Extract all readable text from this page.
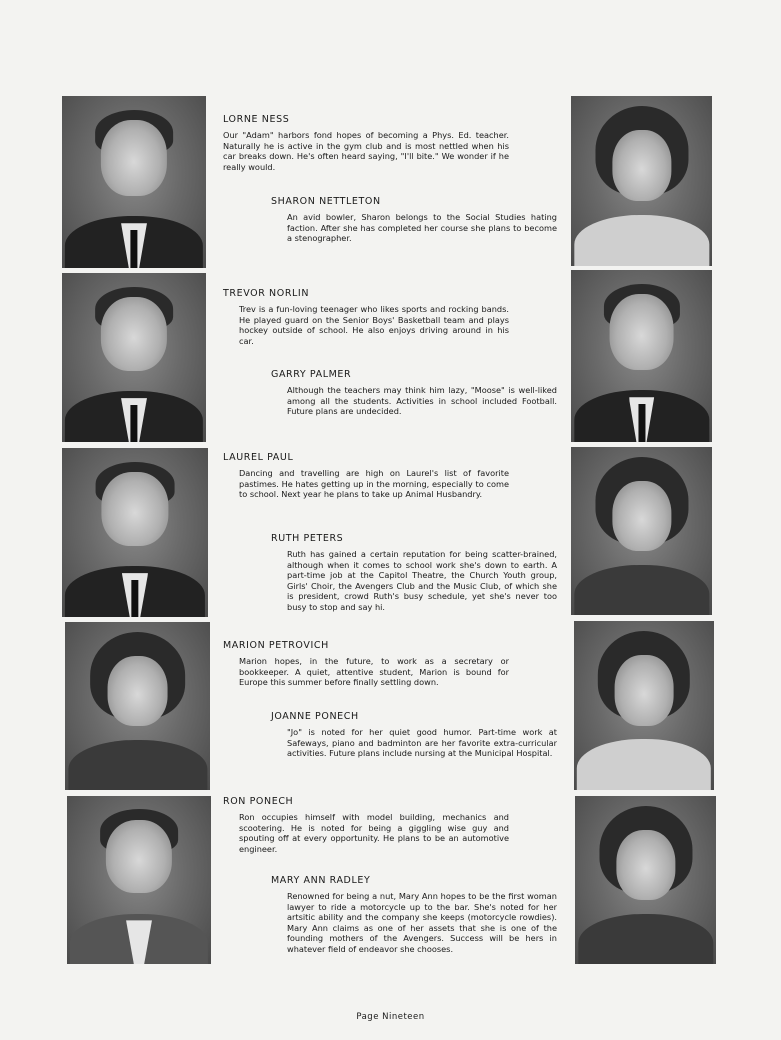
LORNE NESS

Our "Adam" harbors fond hopes of becoming a Phys. Ed. teacher. Naturally he is active in the gym club and is most nettled when his car breaks down. He's often heard saying, "I'll bite." We wonder if he really would.

SHARON NETTLETON

An avid bowler, Sharon belongs to the Social Studies hating faction. After she has completed her course she plans to become a stenographer.

TREVOR NORLIN

Trev is a fun-loving teenager who likes sports and rocking bands. He played guard on the Senior Boys' Basketball team and plays hockey outside of school. He also enjoys driving around in his car.

GARRY PALMER

Although the teachers may think him lazy, "Moose" is well-liked among all the students. Activities in school included Football. Future plans are undecided.

LAUREL PAUL

Dancing and travelling are high on Laurel's list of favorite pastimes. He hates getting up in the morning, especially to come to school. Next year he plans to take up Animal Husbandry.

RUTH PETERS

Ruth has gained a certain reputation for being scatter-brained, although when it comes to school work she's down to earth. A part-time job at the Capitol Theatre, the Church Youth group, Girls' Choir, the Avengers Club and the Music Club, of which she is president, crowd Ruth's busy schedule, yet she's never too busy to stop and say hi.

MARION PETROVICH

Marion hopes, in the future, to work as a secretary or bookkeeper. A quiet, attentive student, Marion is bound for Europe this summer before finally settling down.

JOANNE PONECH

"Jo" is noted for her quiet good humor. Part-time work at Safeways, piano and badminton are her favorite extra-curricular activities. Future plans include nursing at the Municipal Hospital.

RON PONECH

Ron occupies himself with model building, mechanics and scootering. He is noted for being a giggling wise guy and spouting off at every opportunity. He plans to be an automotive engineer.

MARY ANN RADLEY

Renowned for being a nut, Mary Ann hopes to be the first woman lawyer to ride a motorcycle up to the bar. She's noted for her artsitic ability and the company she keeps (motorcycle rowdies). Mary Ann claims as one of her assets that she is one of the founding mothers of the Avengers. Success will be hers in whatever field of endeavor she chooses.

Page Nineteen
